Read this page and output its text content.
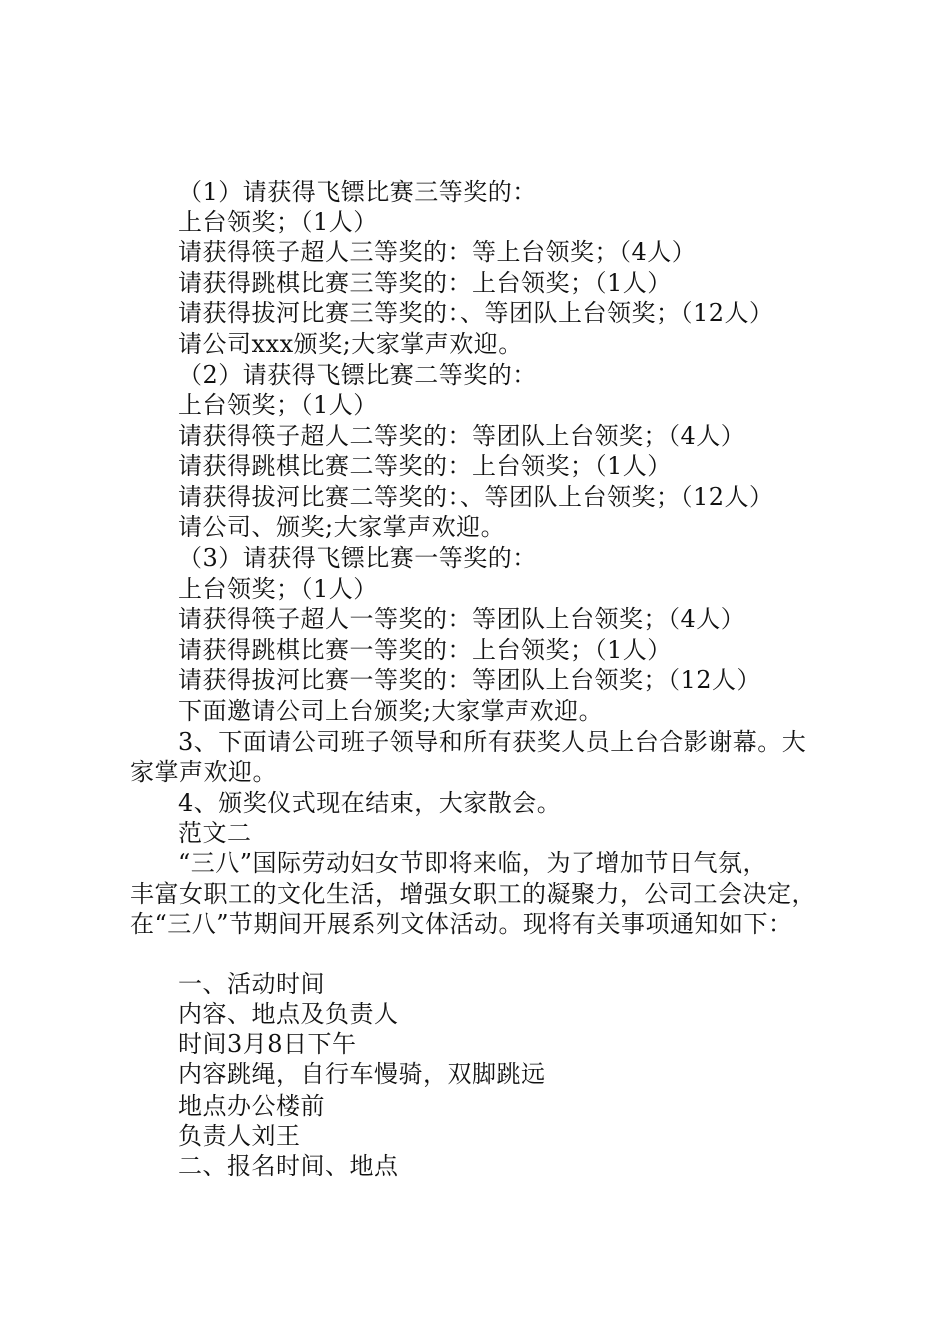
（1）请获得飞镖比赛三等奖的：
上台领奖；（1人）
请获得筷子超人三等奖的：等上台领奖；（4人）
请获得跳棋比赛三等奖的：上台领奖；（1人）
请获得拔河比赛三等奖的：、等团队上台领奖；（12人）
请公司xxx颁奖;大家掌声欢迎。
（2）请获得飞镖比赛二等奖的：
上台领奖；（1人）
请获得筷子超人二等奖的：等团队上台领奖；（4人）
请获得跳棋比赛二等奖的：上台领奖；（1人）
请获得拔河比赛二等奖的：、等团队上台领奖；（12人）
请公司、颁奖;大家掌声欢迎。
（3）请获得飞镖比赛一等奖的：
上台领奖；（1人）
请获得筷子超人一等奖的：等团队上台领奖；（4人）
请获得跳棋比赛一等奖的：上台领奖；（1人）
请获得拔河比赛一等奖的：等团队上台领奖；（12人）
下面邀请公司上台颁奖;大家掌声欢迎。
3、下面请公司班子领导和所有获奖人员上台合影谢幕。大
家掌声欢迎。
4、颁奖仪式现在结束，大家散会。
范文二
“三八”国际劳动妇女节即将来临，为了增加节日气氛，
丰富女职工的文化生活，增强女职工的凝聚力，公司工会决定，
在“三八”节期间开展系列文体活动。现将有关事项通知如下：
一、活动时间
内容、地点及负责人
时间3月8日下午
内容跳绳，自行车慢骑，双脚跳远
地点办公楼前
负责人刘王
二、报名时间、地点
